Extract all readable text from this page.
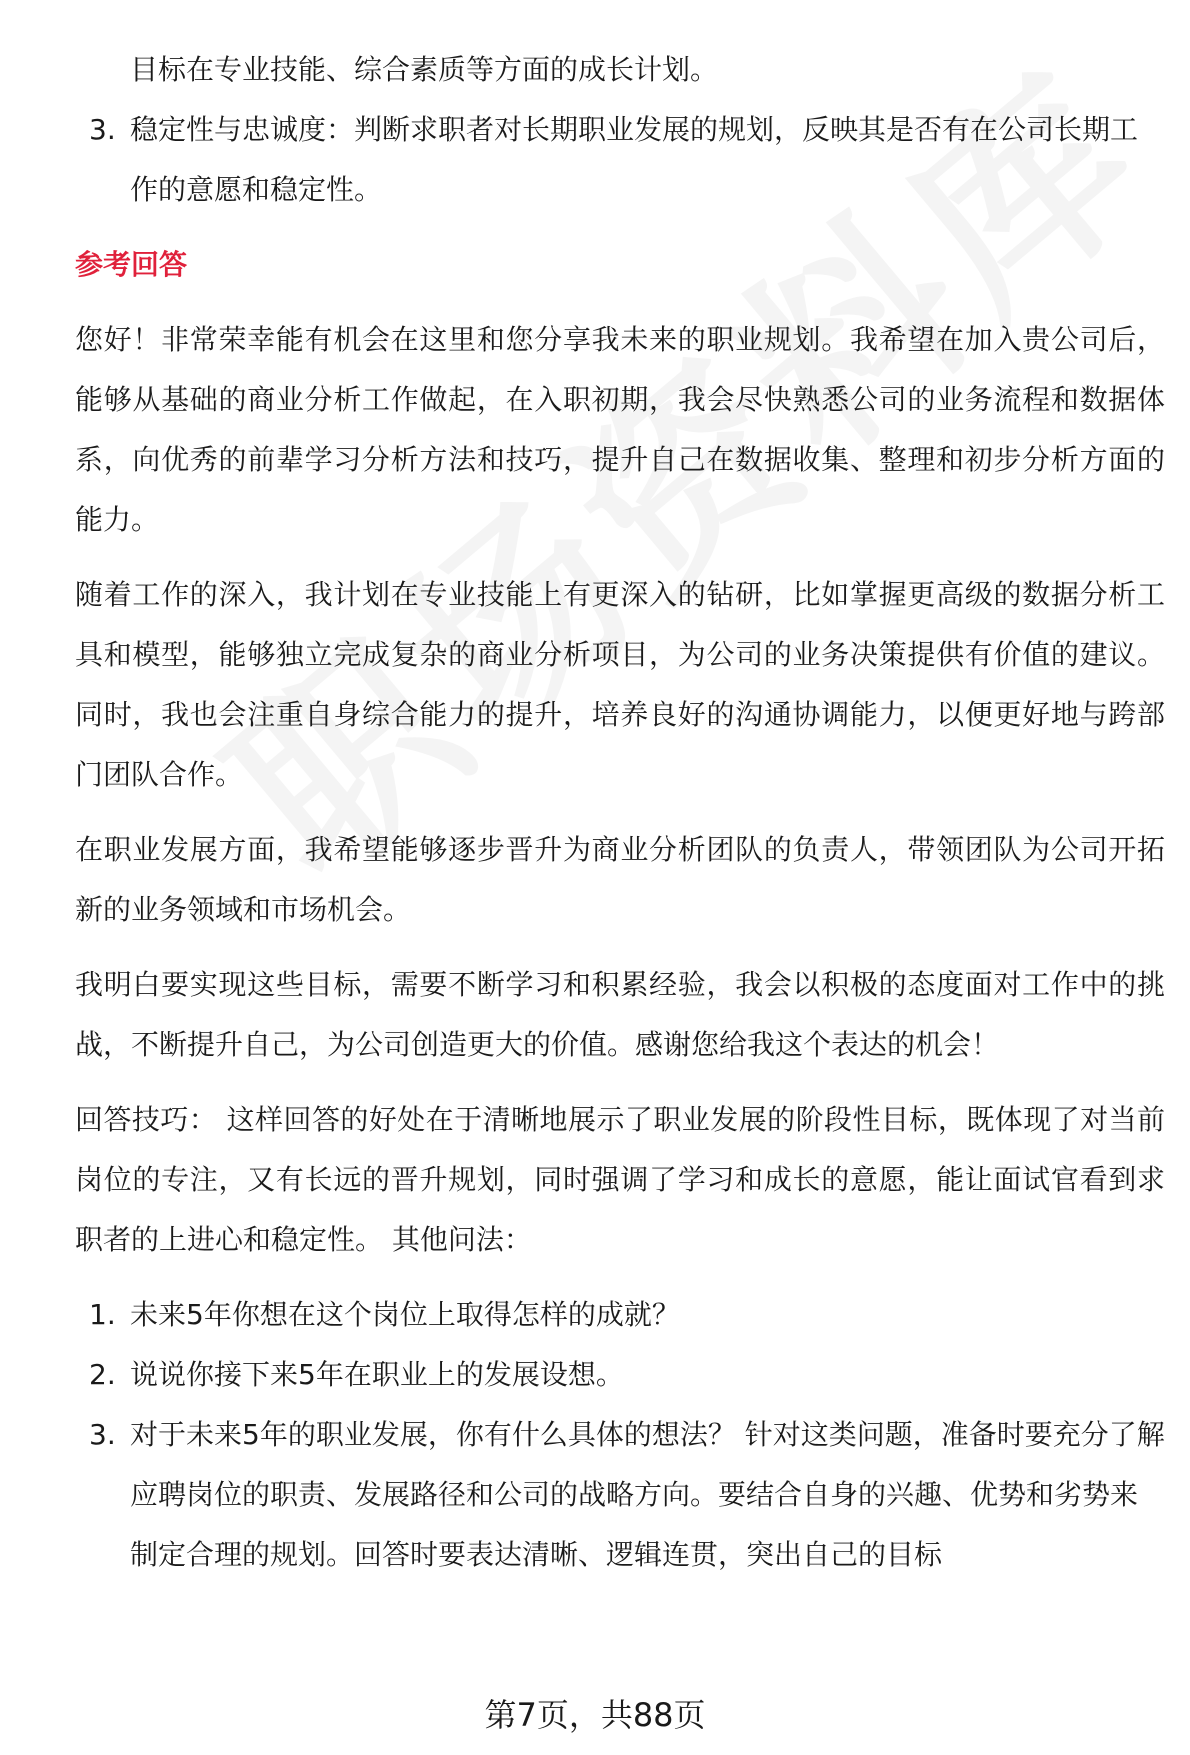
目标在专业技能、综合素质等方面的成长计划。
3. 稳定性与忠诚度：判断求职者对长期职业发展的规划，反映其是否有在公司长期工作的意愿和稳定性。
参考回答
您好！非常荣幸能有机会在这里和您分享我未来的职业规划。我希望在加入贵公司后，能够从基础的商业分析工作做起，在入职初期，我会尽快熟悉公司的业务流程和数据体系，向优秀的前辈学习分析方法和技巧，提升自己在数据收集、整理和初步分析方面的能力。
随着工作的深入，我计划在专业技能上有更深入的钻研，比如掌握更高级的数据分析工具和模型，能够独立完成复杂的商业分析项目，为公司的业务决策提供有价值的建议。同时，我也会注重自身综合能力的提升，培养良好的沟通协调能力，以便更好地与跨部门团队合作。
在职业发展方面，我希望能够逐步晋升为商业分析团队的负责人，带领团队为公司开拓新的业务领域和市场机会。
我明白要实现这些目标，需要不断学习和积累经验，我会以积极的态度面对工作中的挑战，不断提升自己，为公司创造更大的价值。感谢您给我这个表达的机会！
回答技巧： 这样回答的好处在于清晰地展示了职业发展的阶段性目标，既体现了对当前岗位的专注，又有长远的晋升规划，同时强调了学习和成长的意愿，能让面试官看到求职者的上进心和稳定性。 其他问法：
1. 未来5年你想在这个岗位上取得怎样的成就？
2. 说说你接下来5年在职业上的发展设想。
3. 对于未来5年的职业发展，你有什么具体的想法？ 针对这类问题，准备时要充分了解应聘岗位的职责、发展路径和公司的战略方向。要结合自身的兴趣、优势和劣势来制定合理的规划。回答时要表达清晰、逻辑连贯，突出自己的目标
第7页，共88页
